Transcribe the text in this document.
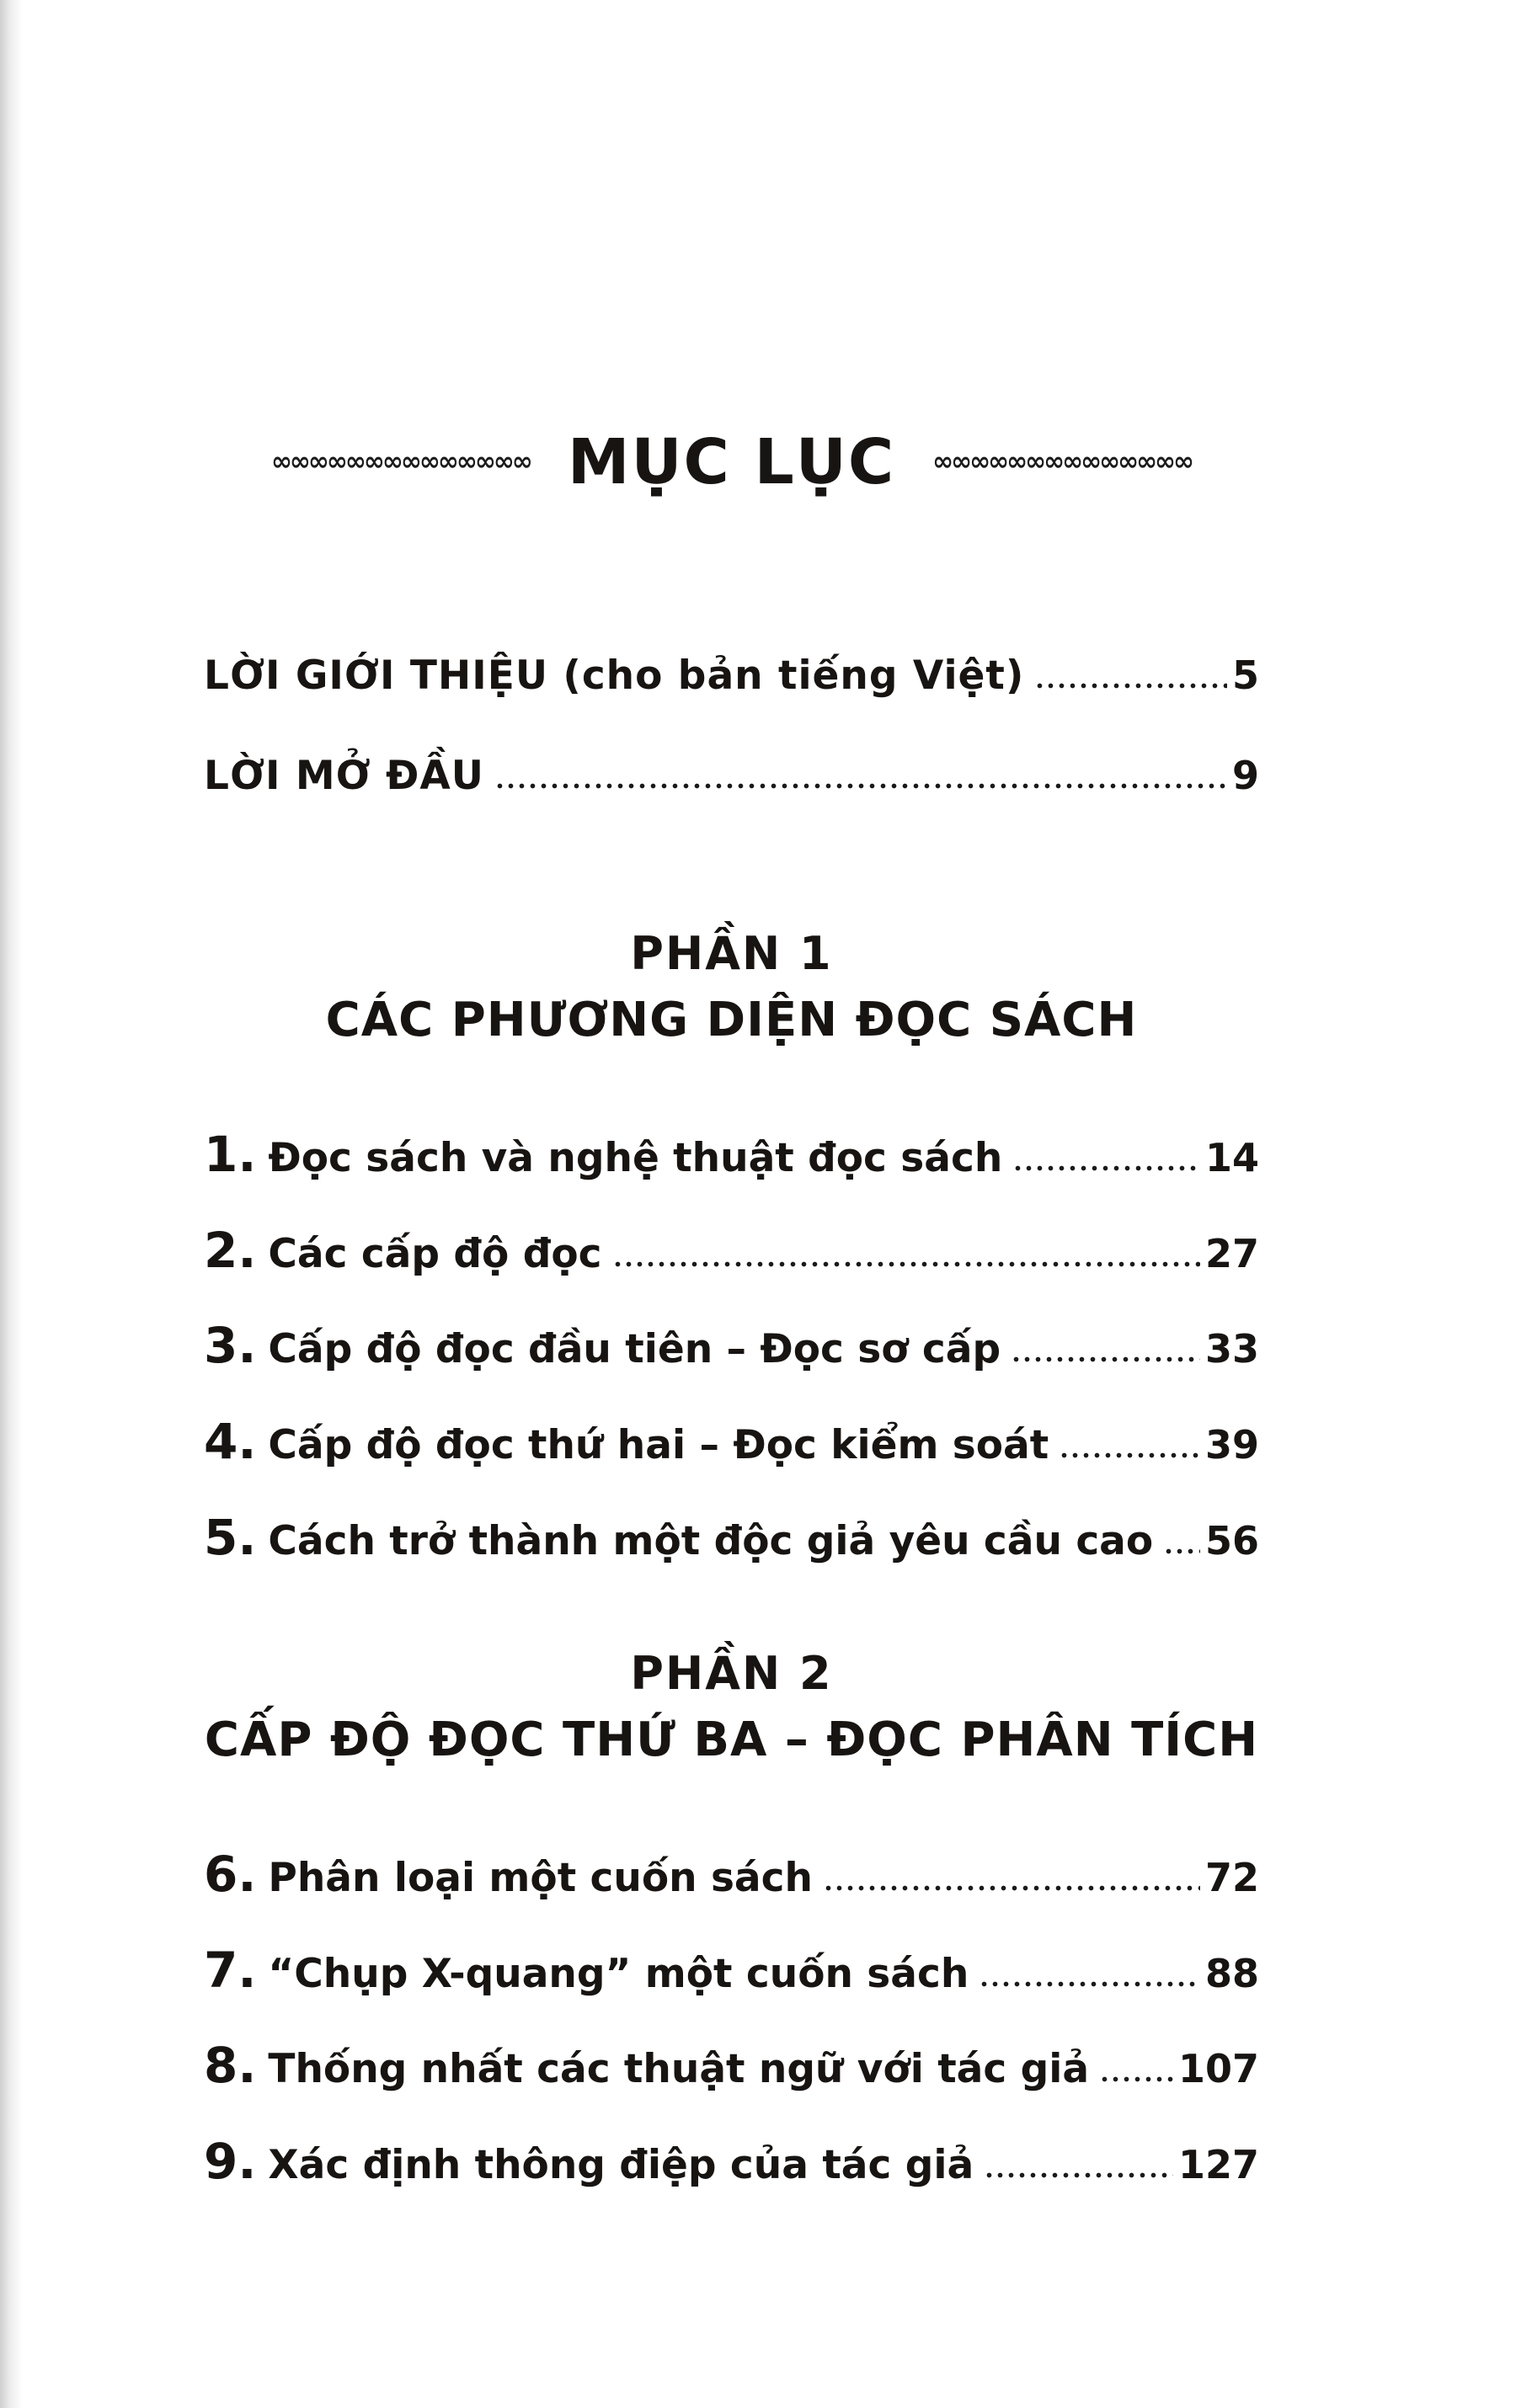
∞∞∞∞∞∞∞∞∞∞∞∞∞∞ MỤC LỤC ∞∞∞∞∞∞∞∞∞∞∞∞∞∞
LỜI GIỚI THIỆU (cho bản tiếng Việt)	5
LỜI MỞ ĐẦU	9
PHẦN 1
CÁC PHƯƠNG DIỆN ĐỌC SÁCH
1. Đọc sách và nghệ thuật đọc sách	14
2. Các cấp độ đọc	27
3. Cấp độ đọc đầu tiên – Đọc sơ cấp	33
4. Cấp độ đọc thứ hai – Đọc kiểm soát	39
5. Cách trở thành một độc giả yêu cầu cao 56
PHẦN 2
CẤP ĐỘ ĐỌC THỨ BA – ĐỌC PHÂN TÍCH
6. Phân loại một cuốn sách	72
7. “Chụp X-quang” một cuốn sách	88
8. Thống nhất các thuật ngữ với tác giả 107
9. Xác định thông điệp của tác giả	127
